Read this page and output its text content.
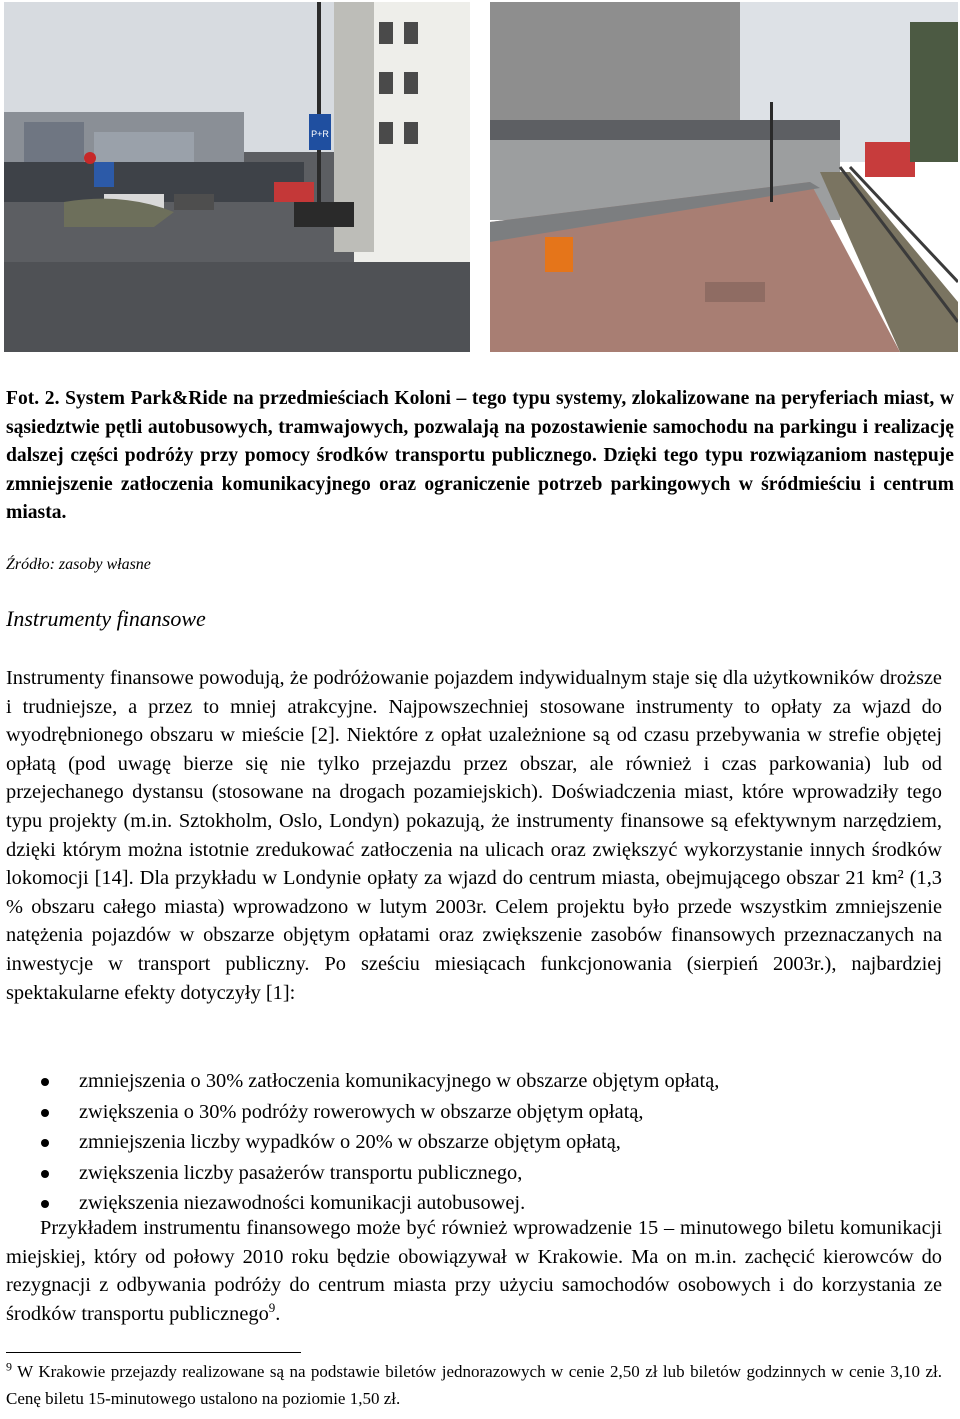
P+R
Fot. 2. System Park&Ride na przedmieściach Koloni – tego typu systemy, zlokalizowane na peryferiach miast, w sąsiedztwie pętli autobusowych, tramwajowych, pozwalają na pozostawienie samochodu na parkingu i realizację dalszej części podróży przy pomocy środków transportu publicznego. Dzięki tego typu rozwiązaniom następuje zmniejszenie zatłoczenia komunikacyjnego oraz ograniczenie potrzeb parkingowych w śródmieściu i centrum miasta.
Źródło: zasoby własne
Instrumenty finansowe

Instrumenty finansowe powodują, że podróżowanie pojazdem indywidualnym staje się dla użytkowników droższe i trudniejsze, a przez to mniej atrakcyjne. Najpowszechniej stosowane instrumenty to opłaty za wjazd do wyodrębnionego obszaru w mieście [2]. Niektóre z opłat uzależnione są od czasu przebywania w strefie objętej opłatą (pod uwagę bierze się nie tylko przejazdu przez obszar, ale również i czas parkowania) lub od przejechanego dystansu (stosowane na drogach pozamiejskich). Doświadczenia miast, które wprowadziły tego typu projekty (m.in. Sztokholm, Oslo, Londyn) pokazują, że instrumenty finansowe są efektywnym narzędziem, dzięki którym można istotnie zredukować zatłoczenia na ulicach oraz zwiększyć wykorzystanie innych środków lokomocji [14]. Dla przykładu w Londynie opłaty za wjazd do centrum miasta, obejmującego obszar 21 km² (1,3 % obszaru całego miasta) wprowadzono w lutym 2003r. Celem projektu było przede wszystkim zmniejszenie natężenia pojazdów w obszarze objętym opłatami oraz zwiększenie zasobów finansowych przeznaczanych na inwestycje w transport publiczny. Po sześciu miesiącach funkcjonowania (sierpień 2003r.), najbardziej spektakularne efekty dotyczyły [1]:

zmniejszenia o 30% zatłoczenia komunikacyjnego w obszarze objętym opłatą,
zwiększenia o 30% podróży rowerowych w obszarze objętym opłatą,
zmniejszenia liczby wypadków o 20% w obszarze objętym opłatą,
zwiększenia liczby pasażerów transportu publicznego,
zwiększenia niezawodności komunikacji autobusowej.

Przykładem instrumentu finansowego może być również wprowadzenie 15 – minutowego biletu komunikacji miejskiej, który od połowy 2010 roku będzie obowiązywał w Krakowie. Ma on m.in. zachęcić kierowców do rezygnacji z odbywania podróży do centrum miasta przy użyciu samochodów osobowych i do korzystania ze środków transportu publicznego$^9$.

$^9$ W Krakowie przejazdy realizowane są na podstawie biletów jednorazowych w cenie 2,50 zł lub biletów godzinnych w cenie 3,10 zł. Cenę biletu 15-minutowego ustalono na poziomie 1,50 zł.
